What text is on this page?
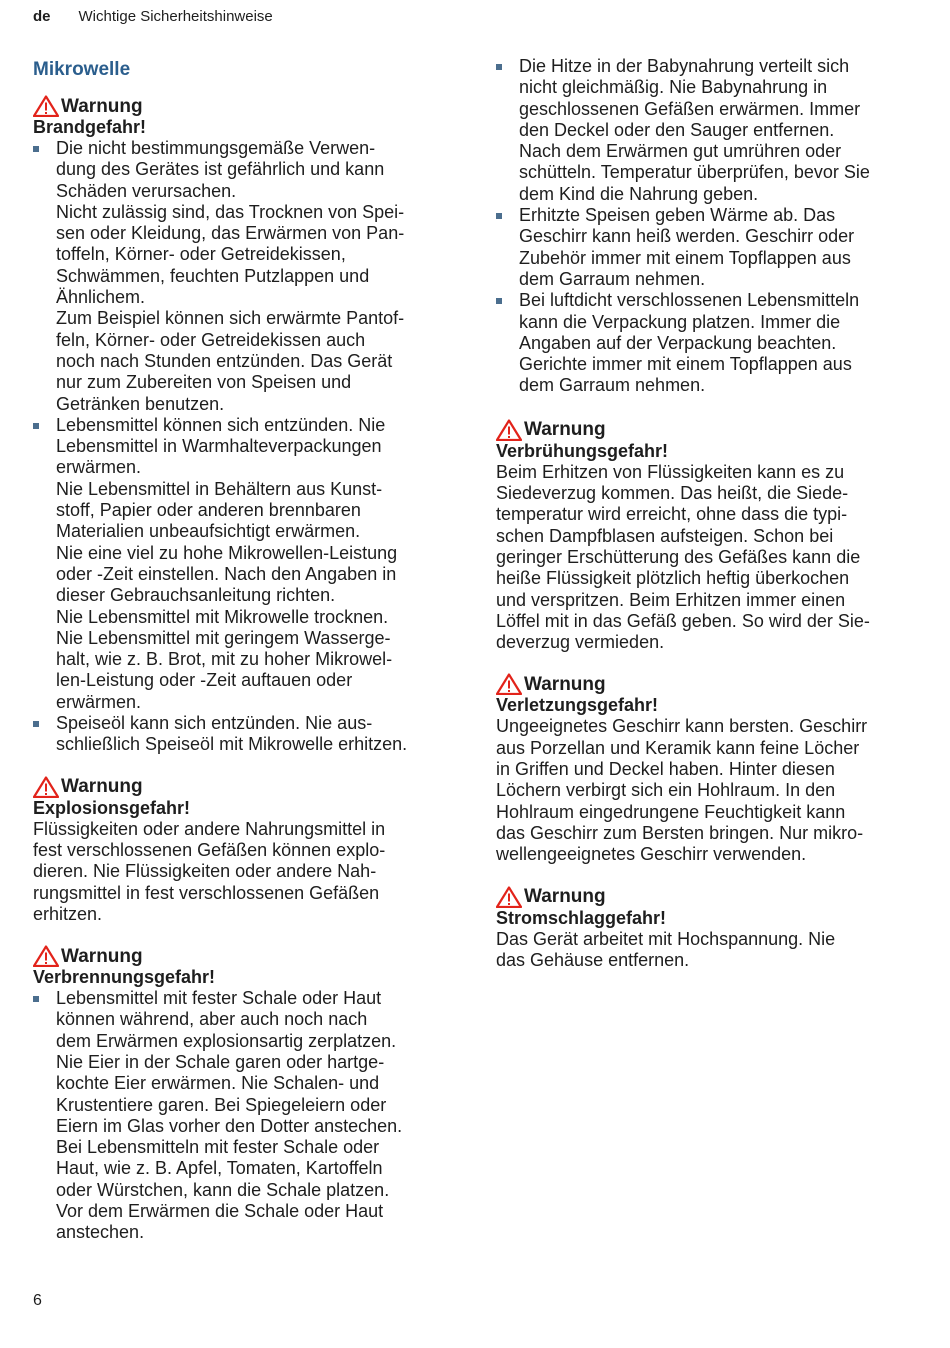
de Wichtige Sicherheitshinweise
Mikrowelle
Warnung
Brandgefahr!
Die nicht bestimmungsgemäße Verwen-
dung des Gerätes ist gefährlich und kann
Schäden verursachen.
Nicht zulässig sind, das Trocknen von Spei-
sen oder Kleidung, das Erwärmen von Pan-
toffeln, Körner- oder Getreidekissen,
Schwämmen, feuchten Putzlappen und
Ähnlichem.
Zum Beispiel können sich erwärmte Pantof-
feln, Körner- oder Getreidekissen auch
noch nach Stunden entzünden. Das Gerät
nur zum Zubereiten von Speisen und
Getränken benutzen.
Lebensmittel können sich entzünden. Nie
Lebensmittel in Warmhalteverpackungen
erwärmen.
Nie Lebensmittel in Behältern aus Kunst-
stoff, Papier oder anderen brennbaren
Materialien unbeaufsichtigt erwärmen.
Nie eine viel zu hohe Mikrowellen-Leistung
oder -Zeit einstellen. Nach den Angaben in
dieser Gebrauchsanleitung richten.
Nie Lebensmittel mit Mikrowelle trocknen.
Nie Lebensmittel mit geringem Wasserge-
halt, wie z. B. Brot, mit zu hoher Mikrowel-
len-Leistung oder -Zeit auftauen oder
erwärmen.
Speiseöl kann sich entzünden. Nie aus-
schließlich Speiseöl mit Mikrowelle erhitzen.
Warnung
Explosionsgefahr!

Flüssigkeiten oder andere Nahrungsmittel in
fest verschlossenen Gefäßen können explo-
dieren. Nie Flüssigkeiten oder andere Nah-
rungsmittel in fest verschlossenen Gefäßen
erhitzen.

Warnung
Verbrennungsgefahr!
Lebensmittel mit fester Schale oder Haut
können während, aber auch noch nach
dem Erwärmen explosionsartig zerplatzen.
Nie Eier in der Schale garen oder hartge-
kochte Eier erwärmen. Nie Schalen- und
Krustentiere garen. Bei Spiegeleiern oder
Eiern im Glas vorher den Dotter anstechen.
Bei Lebensmitteln mit fester Schale oder
Haut, wie z. B. Apfel, Tomaten, Kartoffeln
oder Würstchen, kann die Schale platzen.
Vor dem Erwärmen die Schale oder Haut
anstechen.
Die Hitze in der Babynahrung verteilt sich
nicht gleichmäßig. Nie Babynahrung in
geschlossenen Gefäßen erwärmen. Immer
den Deckel oder den Sauger entfernen.
Nach dem Erwärmen gut umrühren oder
schütteln. Temperatur überprüfen, bevor Sie
dem Kind die Nahrung geben.
Erhitzte Speisen geben Wärme ab. Das
Geschirr kann heiß werden. Geschirr oder
Zubehör immer mit einem Topflappen aus
dem Garraum nehmen.
Bei luftdicht verschlossenen Lebensmitteln
kann die Verpackung platzen. Immer die
Angaben auf der Verpackung beachten.
Gerichte immer mit einem Topflappen aus
dem Garraum nehmen.
Warnung
Verbrühungsgefahr!

Beim Erhitzen von Flüssigkeiten kann es zu
Siedeverzug kommen. Das heißt, die Siede-
temperatur wird erreicht, ohne dass die typi-
schen Dampfblasen aufsteigen. Schon bei
geringer Erschütterung des Gefäßes kann die
heiße Flüssigkeit plötzlich heftig überkochen
und verspritzen. Beim Erhitzen immer einen
Löffel mit in das Gefäß geben. So wird der Sie-
deverzug vermieden.

Warnung
Verletzungsgefahr!

Ungeeignetes Geschirr kann bersten. Geschirr
aus Porzellan und Keramik kann feine Löcher
in Griffen und Deckel haben. Hinter diesen
Löchern verbirgt sich ein Hohlraum. In den
Hohlraum eingedrungene Feuchtigkeit kann
das Geschirr zum Bersten bringen. Nur mikro-
wellengeeignetes Geschirr verwenden.

Warnung
Stromschlaggefahr!

Das Gerät arbeitet mit Hochspannung. Nie
das Gehäuse entfernen.

6
